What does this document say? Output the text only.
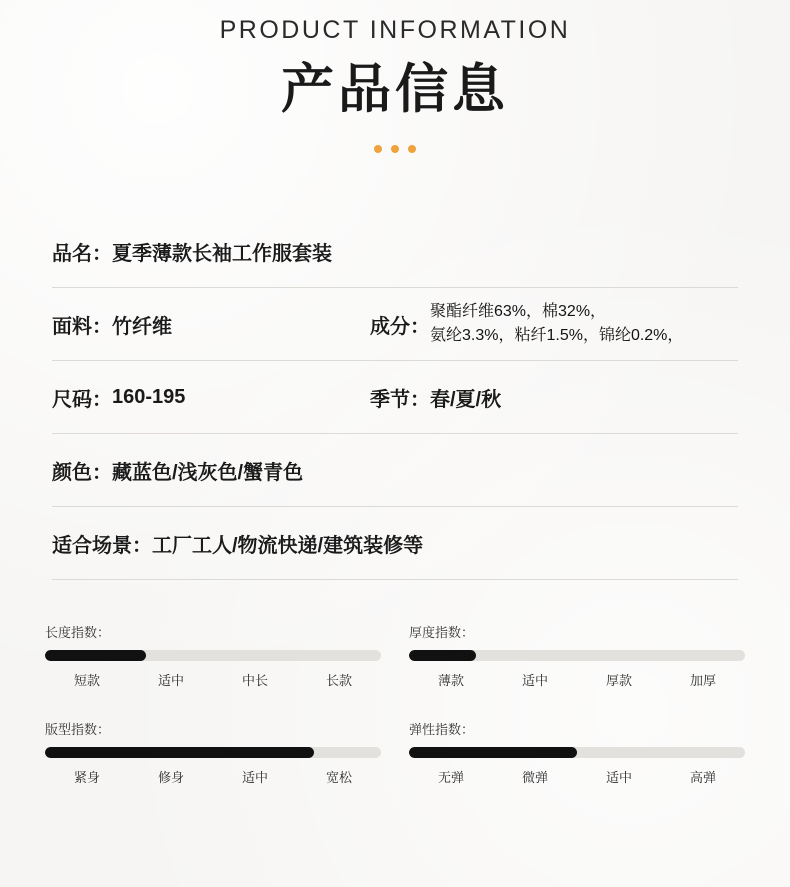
PRODUCT INFORMATION
产品信息
品名： 夏季薄款长袖工作服套装
面料： 竹纤维	成分：
聚酯纤维63%，棉32%，
氨纶3.3%，粘纤1.5%，锦纶0.2%，
尺码： 160-195	季节： 春/夏/秋
颜色： 藏蓝色/浅灰色/蟹青色
适合场景： 工厂工人/物流快递/建筑装修等
长度指数：
短款	适中	中长	长款
厚度指数：
薄款	适中	厚款	加厚
版型指数：
紧身	修身	适中	宽松
弹性指数：
无弹	微弹	适中	高弹
